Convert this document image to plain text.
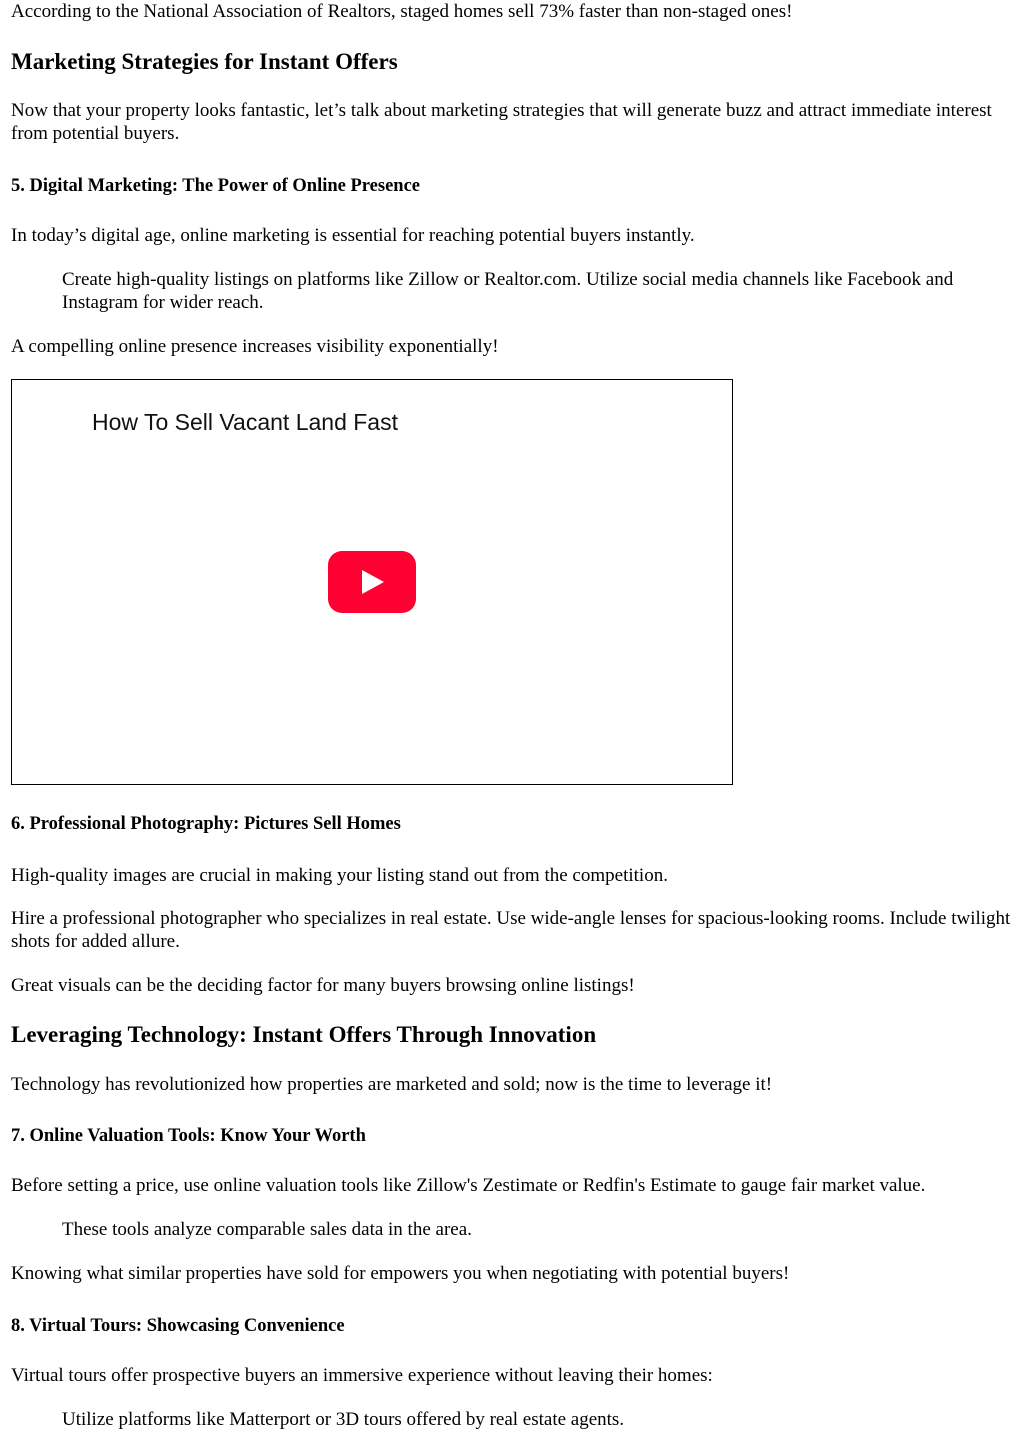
According to the National Association of Realtors, staged homes sell 73% faster than non-staged ones!

Marketing Strategies for Instant Offers

Now that your property looks fantastic, let’s talk about marketing strategies that will generate buzz and attract immediate interest from potential buyers.

5. Digital Marketing: The Power of Online Presence

In today’s digital age, online marketing is essential for reaching potential buyers instantly.

Create high-quality listings on platforms like Zillow or Realtor.com. Utilize social media channels like Facebook and Instagram for wider reach.

A compelling online presence increases visibility exponentially!

How To Sell Vacant Land Fast
6. Professional Photography: Pictures Sell Homes

High-quality images are crucial in making your listing stand out from the competition.

Hire a professional photographer who specializes in real estate. Use wide-angle lenses for spacious-looking rooms. Include twilight shots for added allure.

Great visuals can be the deciding factor for many buyers browsing online listings!

Leveraging Technology: Instant Offers Through Innovation

Technology has revolutionized how properties are marketed and sold; now is the time to leverage it!

7. Online Valuation Tools: Know Your Worth

Before setting a price, use online valuation tools like Zillow's Zestimate or Redfin's Estimate to gauge fair market value.

These tools analyze comparable sales data in the area.

Knowing what similar properties have sold for empowers you when negotiating with potential buyers!

8. Virtual Tours: Showcasing Convenience

Virtual tours offer prospective buyers an immersive experience without leaving their homes:

Utilize platforms like Matterport or 3D tours offered by real estate agents.
